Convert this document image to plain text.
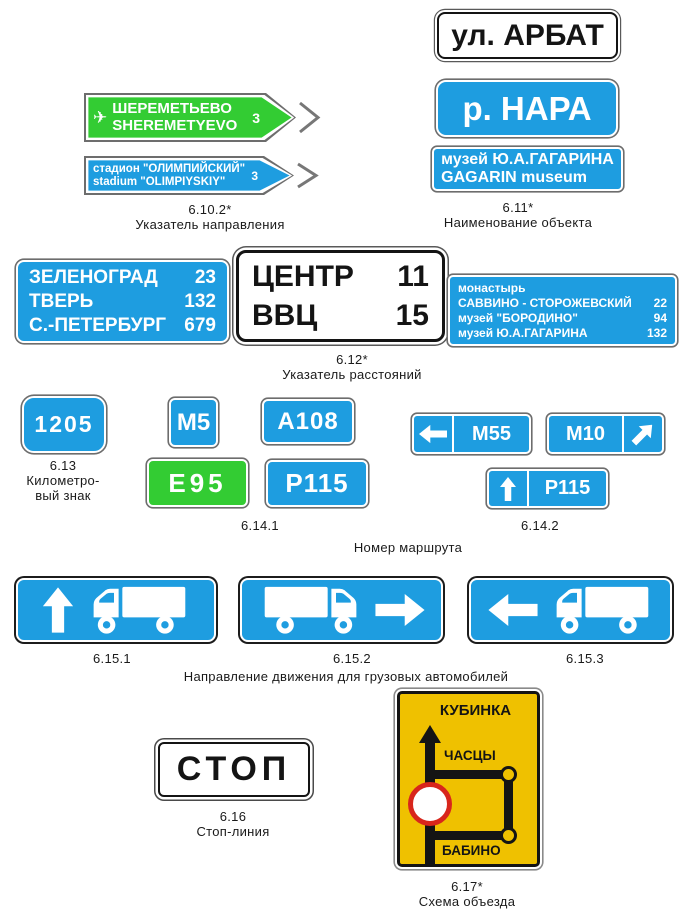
✈ ШЕРЕМЕТЬЕВО
SHEREMETYEVO 3
стадион "ОЛИМПИЙСКИЙ"
stadium "OLIMPIYSKIY"	3
6.10.2*
Указатель направления
ул. АРБАТ
р. НАРА
музей Ю.А.ГАГАРИНА
GAGARIN museum
6.11*
Наименование объекта
ЗЕЛЕНОГРАД 23
ТВЕРЬ	132
С.-ПЕТЕРБУРГ 679
ЦЕНТР 11
ВВЦ	15
монастырь
САВВИНО - СТОРОЖЕВСКИЙ 22
музей "БОРОДИНО"	94
музей Ю.А.ГАГАРИНА	132
6.12*
Указатель расстояний
1205
6.13
Километро-
вый знак
М5	А108
Е95 Р115
6.14.1
М55	М10
Р115
6.14.2
Номер маршрута
6.15.1	6.15.2	6.15.3
Направление движения для грузовых автомобилей
СТОП
6.16
Стоп-линия
КУБИНКА
ЧАСЦЫ
БАБИНО
6.17*
Схема объезда
